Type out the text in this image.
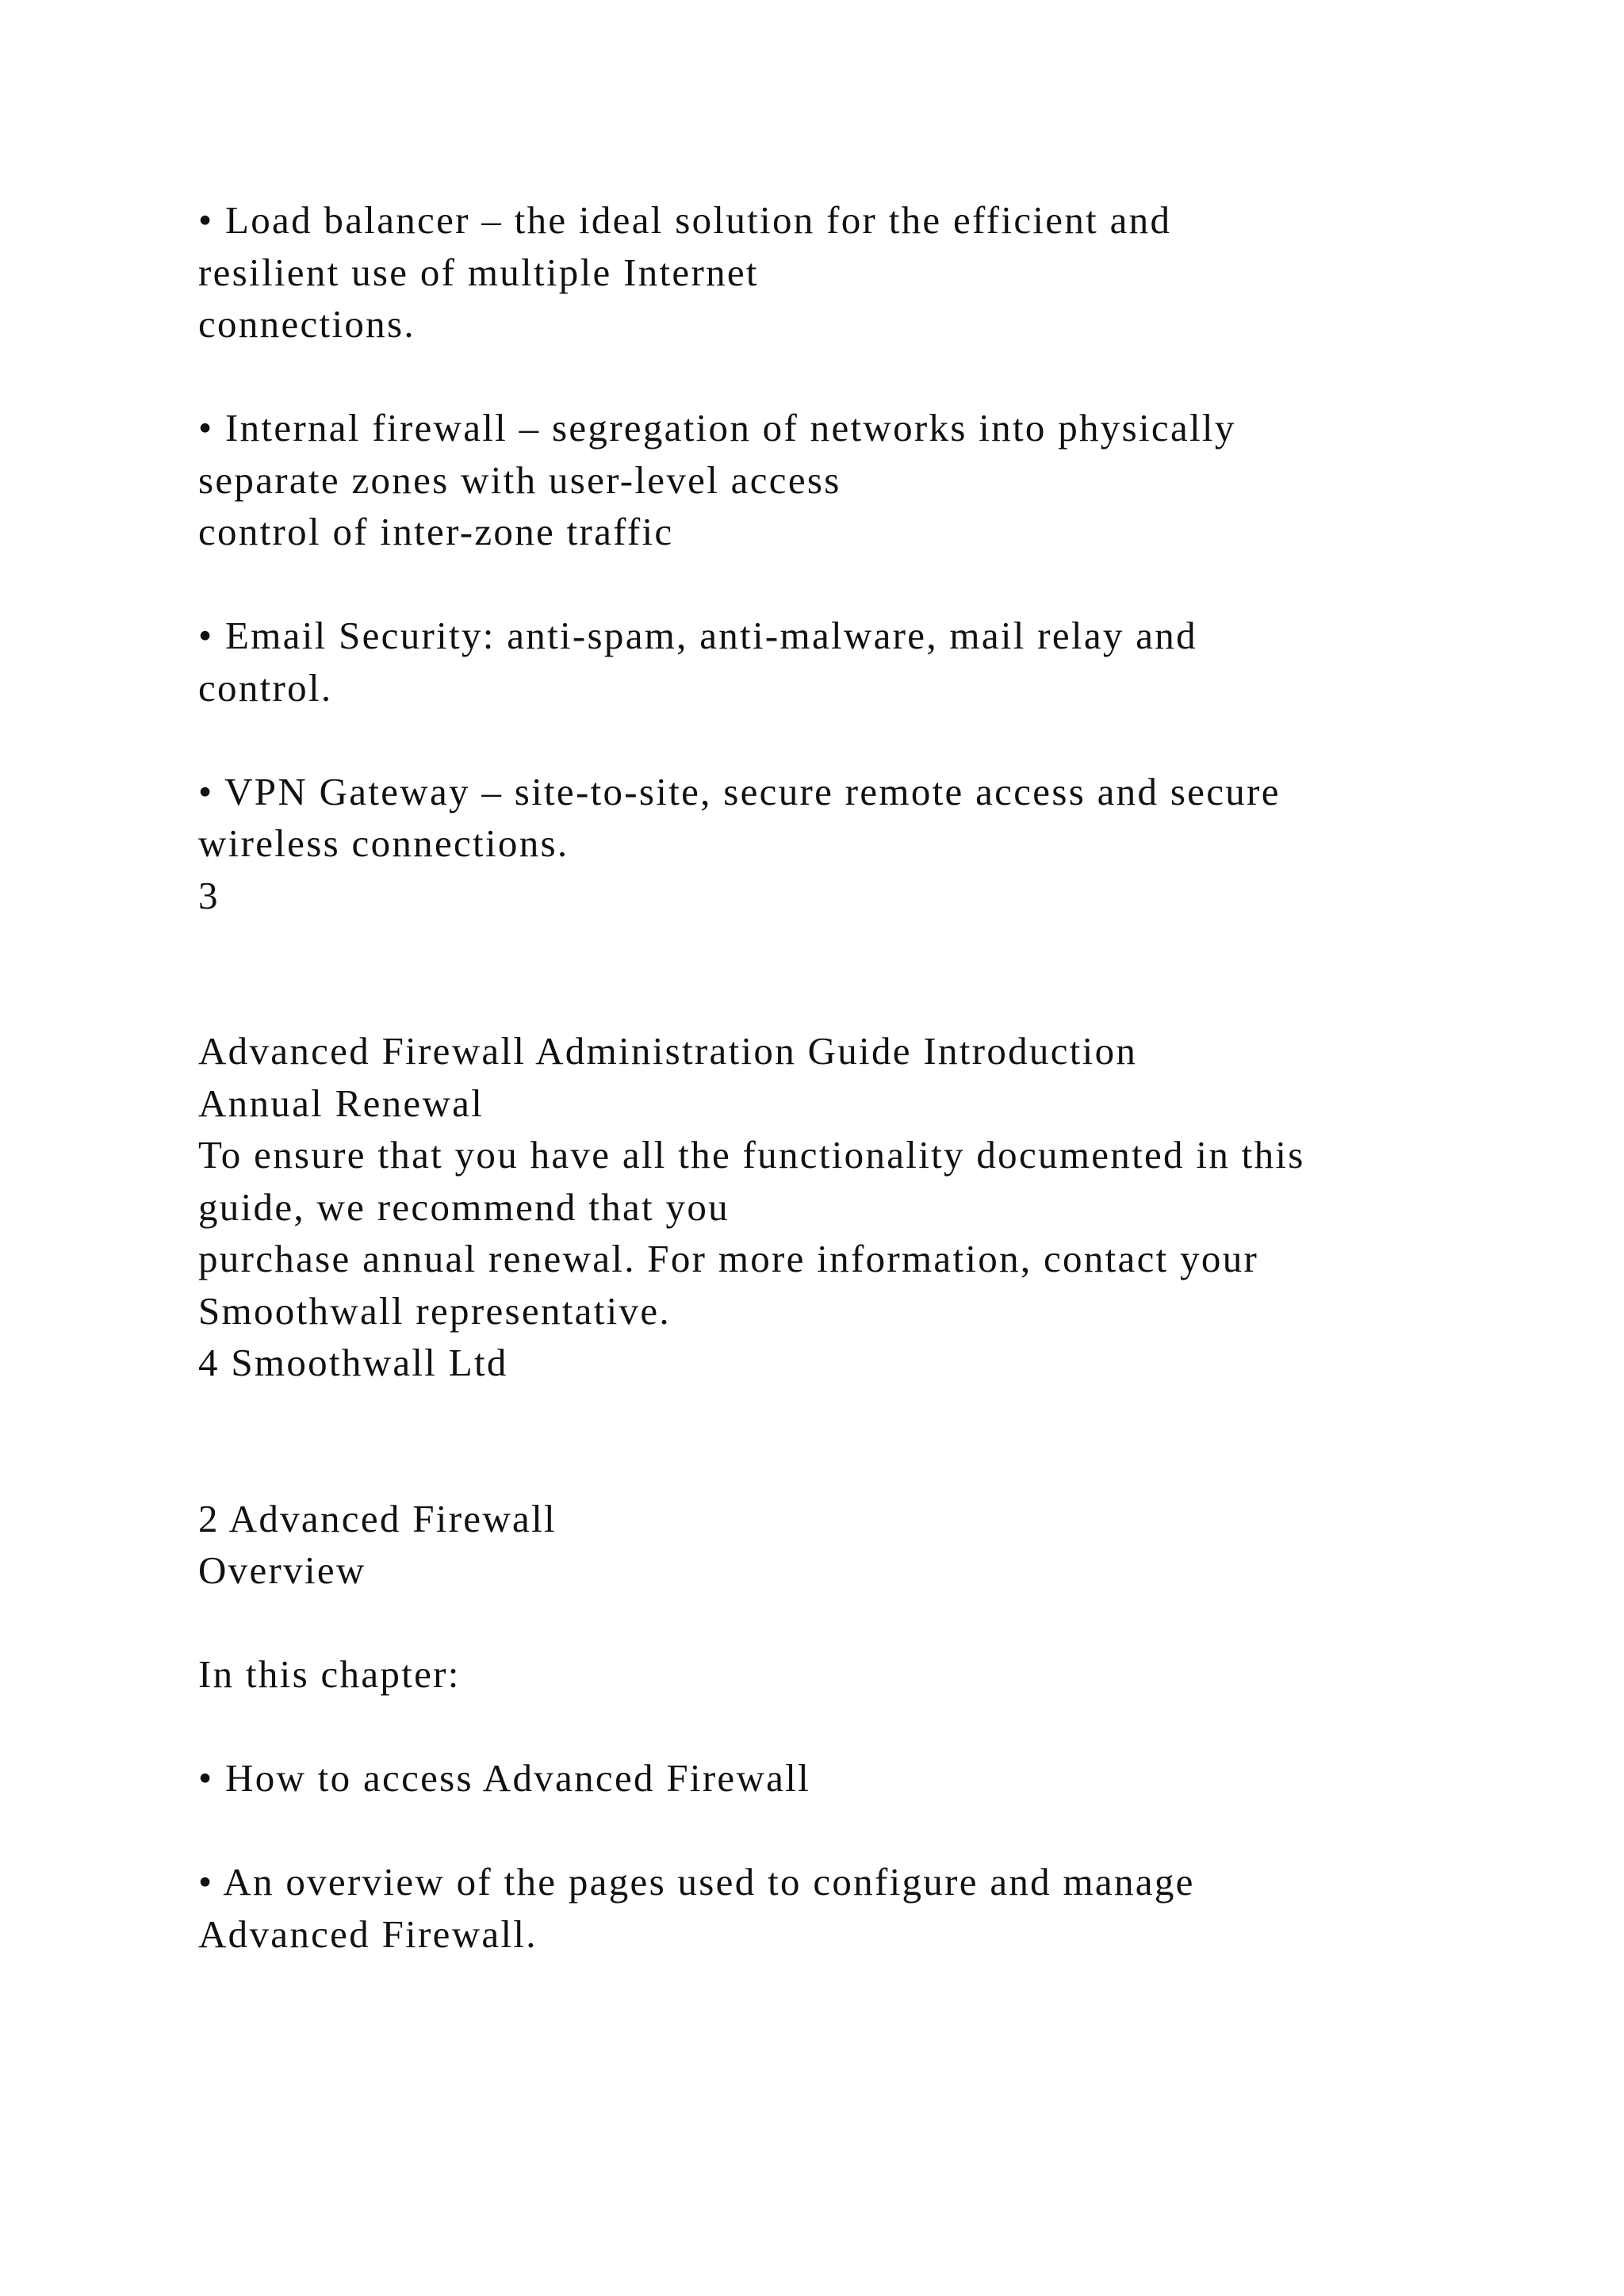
• Load balancer – the ideal solution for the efficient and
resilient use of multiple Internet
connections.
• Internal firewall – segregation of networks into physically
separate zones with user-level access
control of inter-zone traffic
• Email Security: anti-spam, anti-malware, mail relay and
control.
• VPN Gateway – site-to-site, secure remote access and secure
wireless connections.
3
Advanced Firewall Administration Guide Introduction
Annual Renewal
To ensure that you have all the functionality documented in this
guide, we recommend that you
purchase annual renewal. For more information, contact your
Smoothwall representative.
4 Smoothwall Ltd
2 Advanced Firewall
Overview
In this chapter:
• How to access Advanced Firewall
• An overview of the pages used to configure and manage
Advanced Firewall.
